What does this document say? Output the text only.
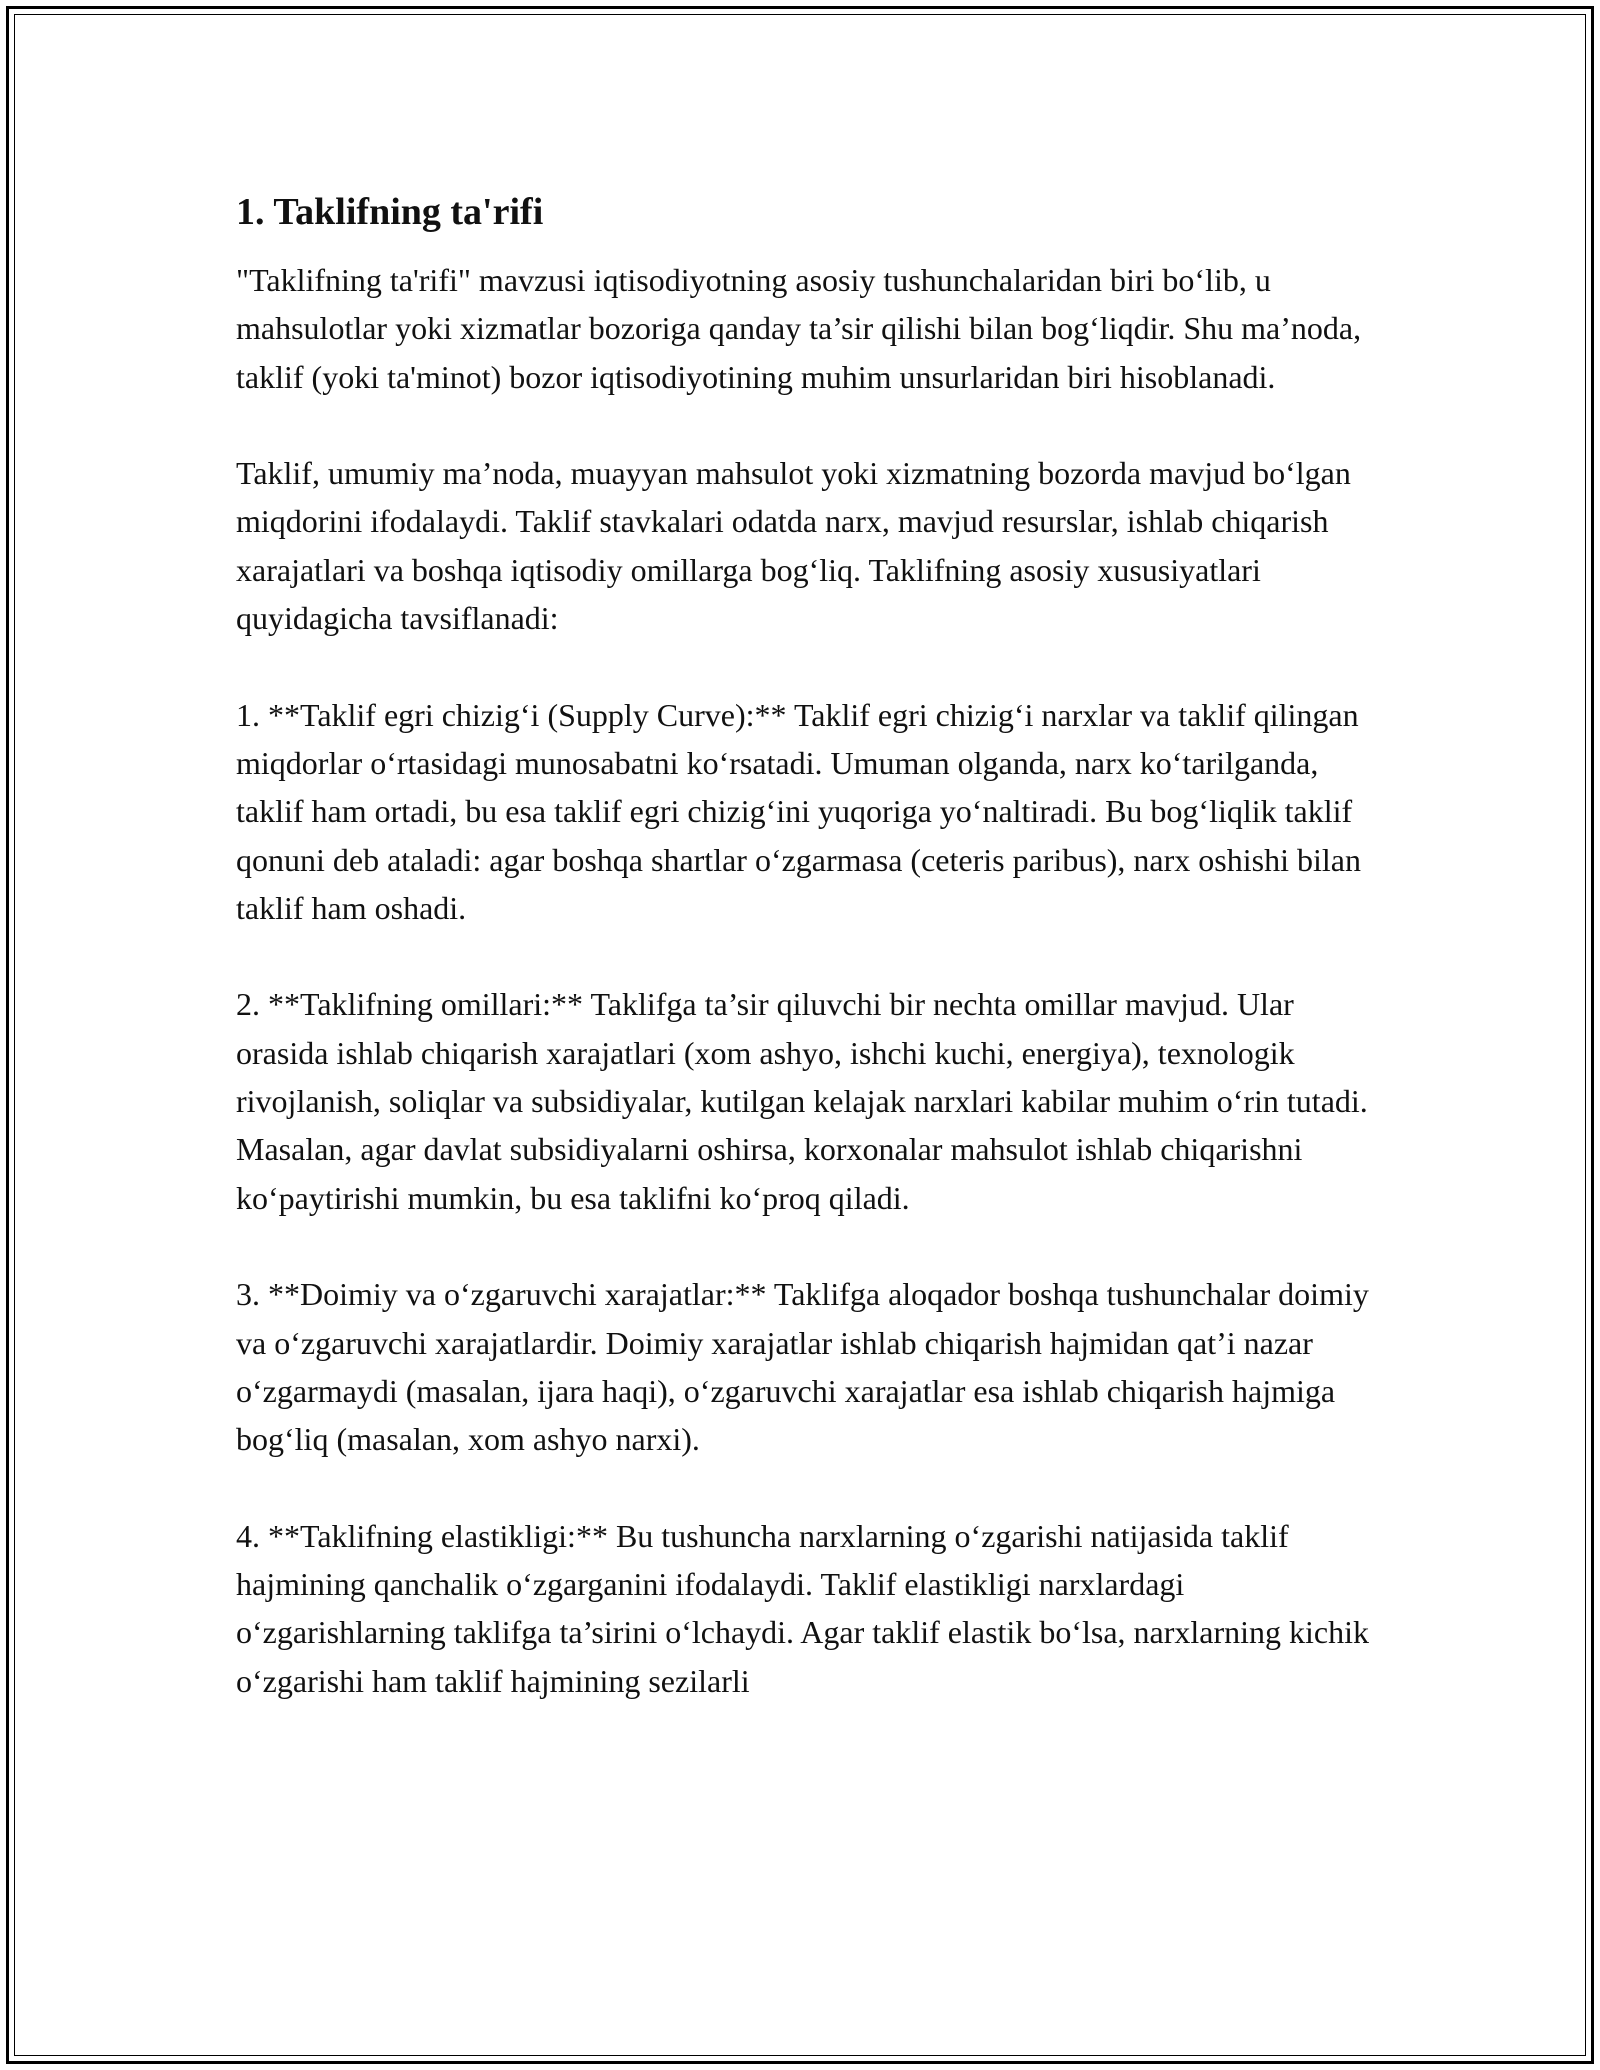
1. Taklifning ta'rifi

"Taklifning ta'rifi" mavzusi iqtisodiyotning asosiy tushunchalaridan biri bo‘lib, u mahsulotlar yoki xizmatlar bozoriga qanday ta’sir qilishi bilan bog‘liqdir. Shu ma’noda, taklif (yoki ta'minot) bozor iqtisodiyotining muhim unsurlaridan biri hisoblanadi.

Taklif, umumiy ma’noda, muayyan mahsulot yoki xizmatning bozorda mavjud bo‘lgan miqdorini ifodalaydi. Taklif stavkalari odatda narx, mavjud resurslar, ishlab chiqarish xarajatlari va boshqa iqtisodiy omillarga bog‘liq. Taklifning asosiy xususiyatlari quyidagicha tavsiflanadi:

1. **Taklif egri chizig‘i (Supply Curve):** Taklif egri chizig‘i narxlar va taklif qilingan miqdorlar o‘rtasidagi munosabatni ko‘rsatadi. Umuman olganda, narx ko‘tarilganda, taklif ham ortadi, bu esa taklif egri chizig‘ini yuqoriga yo‘naltiradi. Bu bog‘liqlik taklif qonuni deb ataladi: agar boshqa shartlar o‘zgarmasa (ceteris paribus), narx oshishi bilan taklif ham oshadi.

2. **Taklifning omillari:** Taklifga ta’sir qiluvchi bir nechta omillar mavjud. Ular orasida ishlab chiqarish xarajatlari (xom ashyo, ishchi kuchi, energiya), texnologik rivojlanish, soliqlar va subsidiyalar, kutilgan kelajak narxlari kabilar muhim o‘rin tutadi. Masalan, agar davlat subsidiyalarni oshirsa, korxonalar mahsulot ishlab chiqarishni ko‘paytirishi mumkin, bu esa taklifni ko‘proq qiladi.

3. **Doimiy va o‘zgaruvchi xarajatlar:** Taklifga aloqador boshqa tushunchalar doimiy va o‘zgaruvchi xarajatlardir. Doimiy xarajatlar ishlab chiqarish hajmidan qat’i nazar o‘zgarmaydi (masalan, ijara haqi), o‘zgaruvchi xarajatlar esa ishlab chiqarish hajmiga bog‘liq (masalan, xom ashyo narxi).

4. **Taklifning elastikligi:** Bu tushuncha narxlarning o‘zgarishi natijasida taklif hajmining qanchalik o‘zgarganini ifodalaydi. Taklif elastikligi narxlardagi o‘zgarishlarning taklifga ta’sirini o‘lchaydi. Agar taklif elastik bo‘lsa, narxlarning kichik o‘zgarishi ham taklif hajmining sezilarli
